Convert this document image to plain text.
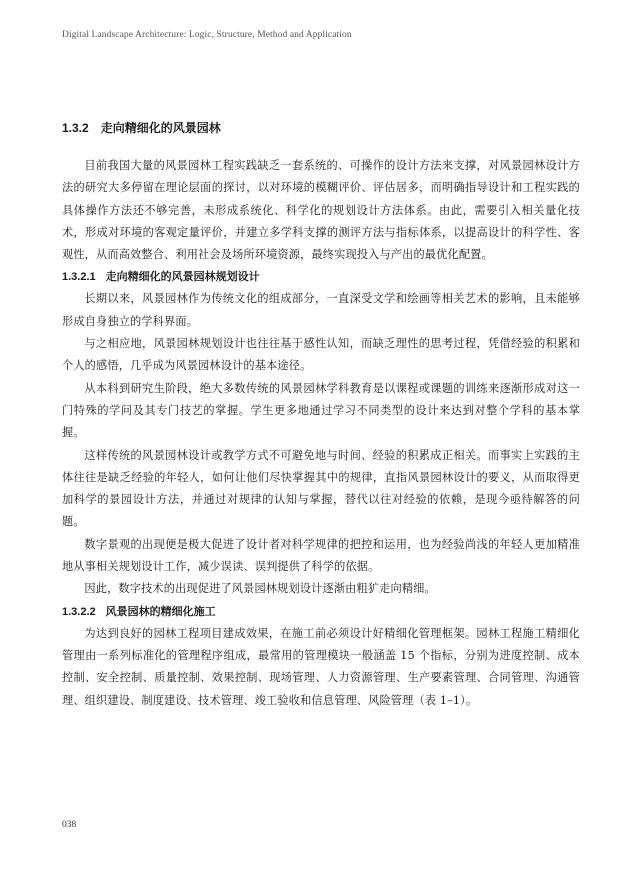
Digital Landscape Architecture: Logic, Structure, Method and Application
1.3.2 走向精细化的风景园林

目前我国大量的风景园林工程实践缺乏一套系统的、可操作的设计方法来支撑，对风景园林设计方法的研究大多停留在理论层面的探讨，以对环境的模糊评价、评估居多，而明确指导设计和工程实践的具体操作方法还不够完善，未形成系统化、科学化的规划设计方法体系。由此，需要引入相关量化技术，形成对环境的客观定量评价，并建立多学科支撑的测评方法与指标体系，以提高设计的科学性、客观性，从而高效整合、利用社会及场所环境资源，最终实现投入与产出的最优化配置。

1.3.2.1 走向精细化的风景园林规划设计

长期以来，风景园林作为传统文化的组成部分，一直深受文学和绘画等相关艺术的影响，且未能够形成自身独立的学科界面。

与之相应地，风景园林规划设计也往往基于感性认知，而缺乏理性的思考过程，凭借经验的积累和个人的感悟，几乎成为风景园林设计的基本途径。

从本科到研究生阶段，绝大多数传统的风景园林学科教育是以课程或课题的训练来逐渐形成对这一门特殊的学问及其专门技艺的掌握。学生更多地通过学习不同类型的设计来达到对整个学科的基本掌握。

这样传统的风景园林设计或教学方式不可避免地与时间、经验的积累成正相关。而事实上实践的主体往往是缺乏经验的年轻人，如何让他们尽快掌握其中的规律，直指风景园林设计的要义，从而取得更加科学的景园设计方法，并通过对规律的认知与掌握，替代以往对经验的依赖，是现今亟待解答的问题。

数字景观的出现便是极大促进了设计者对科学规律的把控和运用，也为经验尚浅的年轻人更加精准地从事相关规划设计工作，减少误读、误判提供了科学的依据。

因此，数字技术的出现促进了风景园林规划设计逐渐由粗犷走向精细。

1.3.2.2 风景园林的精细化施工

为达到良好的园林工程项目建成效果，在施工前必须设计好精细化管理框架。园林工程施工精细化管理由一系列标准化的管理程序组成，最常用的管理模块一般涵盖 15 个指标，分别为进度控制、成本控制、安全控制、质量控制、效果控制、现场管理、人力资源管理、生产要素管理、合同管理、沟通管理、组织建设、制度建设、技术管理、竣工验收和信息管理、风险管理（表 1–1）。

038
